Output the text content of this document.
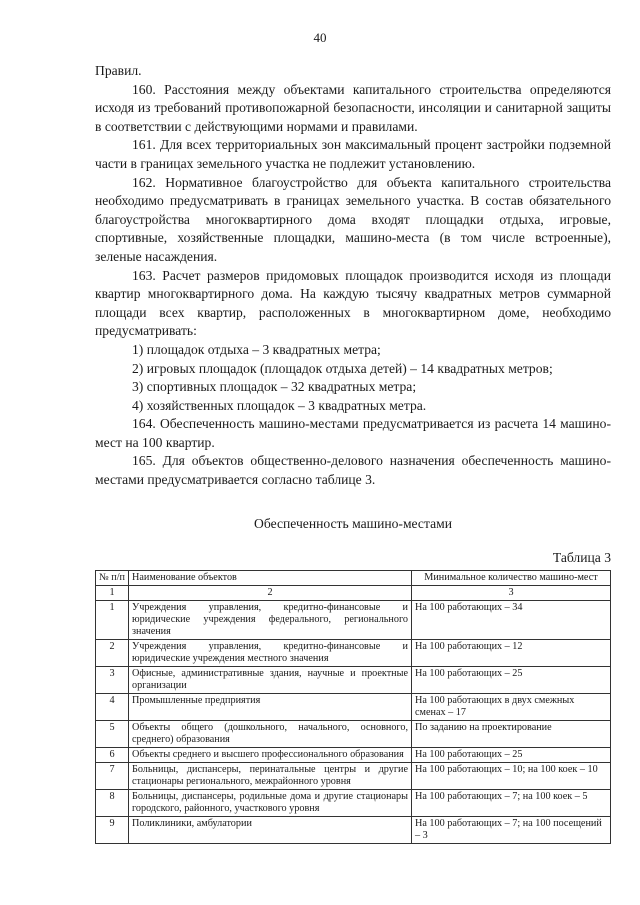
40

Правил.

160. Расстояния между объектами капитального строительства определяются исходя из требований противопожарной безопасности, инсоляции и санитарной защиты в соответствии с действующими нормами и правилами.

161. Для всех территориальных зон максимальный процент застройки подземной части в границах земельного участка не подлежит установлению.

162. Нормативное благоустройство для объекта капитального строительства необходимо предусматривать в границах земельного участка. В состав обязательного благоустройства многоквартирного дома входят площадки отдыха, игровые, спортивные, хозяйственные площадки, машино-места (в том числе встроенные), зеленые насаждения.

163. Расчет размеров придомовых площадок производится исходя из площади квартир многоквартирного дома. На каждую тысячу квадратных метров суммарной площади всех квартир, расположенных в многоквартирном доме, необходимо предусматривать:

1) площадок отдыха – 3 квадратных метра;

2) игровых площадок (площадок отдыха детей) – 14 квадратных метров;

3) спортивных площадок – 32 квадратных метра;

4) хозяйственных площадок – 3 квадратных метра.

164. Обеспеченность машино-местами предусматривается из расчета 14 машино-мест на 100 квартир.

165. Для объектов общественно-делового назначения обеспеченность машино-местами предусматривается согласно таблице 3.

Обеспеченность машино-местами
Таблица 3
№ п/п	Наименование объектов	Минимальное количество машино-мест
1	2	3
1	Учреждения управления, кредитно-финансовые и юридические учреждения федерального, регионального значения	На 100 работающих – 34
2	Учреждения управления, кредитно-финансовые и юридические учреждения местного значения	На 100 работающих – 12
3	Офисные, административные здания, научные и проектные организации	На 100 работающих – 25
4	Промышленные предприятия	На 100 работающих в двух смежных сменах – 17
5	Объекты общего (дошкольного, начального, основного, среднего) образования	По заданию на проектирование
6	Объекты среднего и высшего профессионального образования	На 100 работающих – 25
7	Больницы, диспансеры, перинатальные центры и другие стационары регионального, межрайонного уровня	На 100 работающих – 10; на 100 коек – 10
8	Больницы, диспансеры, родильные дома и другие стационары городского, районного, участкового уровня	На 100 работающих – 7; на 100 коек – 5
9	Поликлиники, амбулатории	На 100 работающих – 7; на 100 посещений – 3
